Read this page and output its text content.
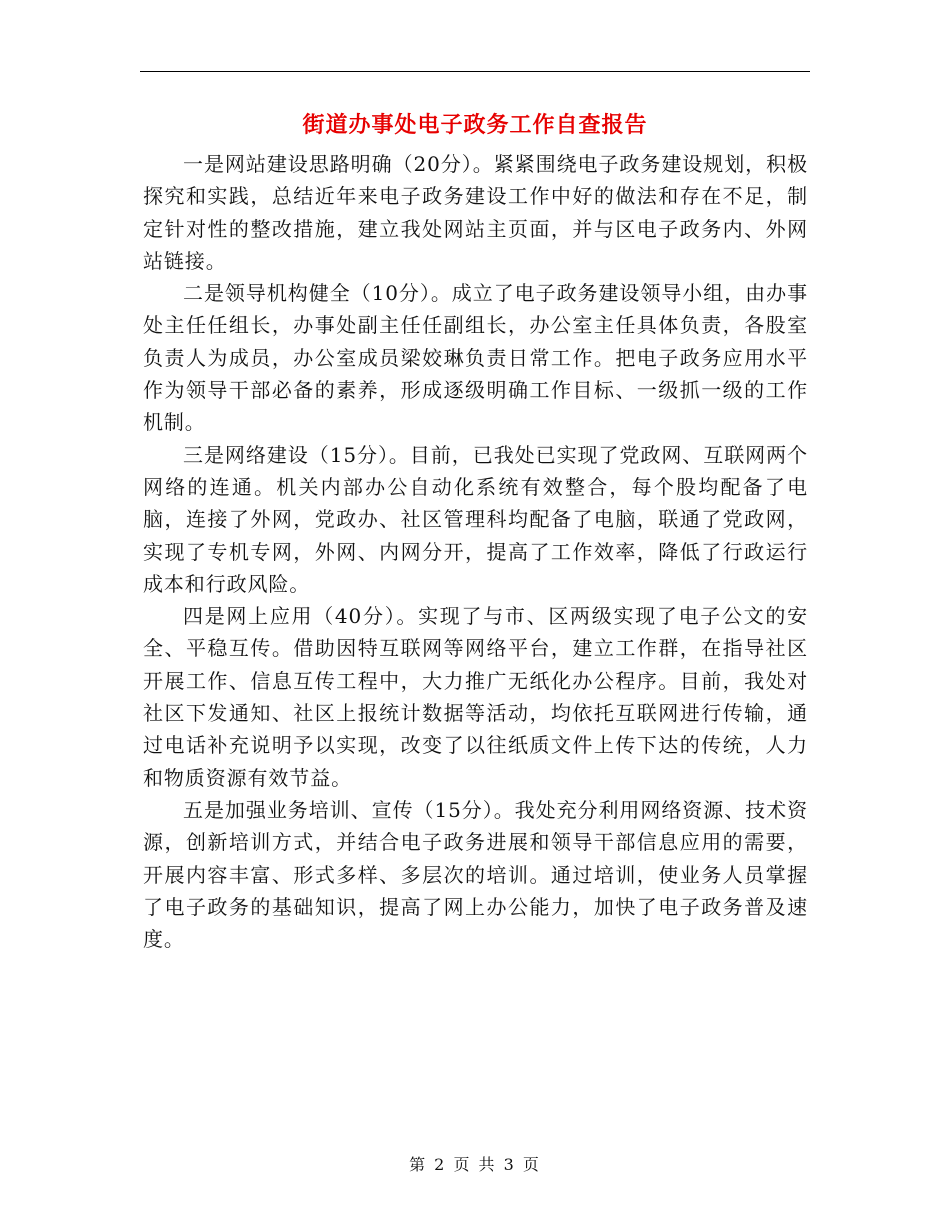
街道办事处电子政务工作自查报告

一是网站建设思路明确（20分）。紧紧围绕电子政务建设规划，积极探究和实践，总结近年来电子政务建设工作中好的做法和存在不足，制定针对性的整改措施，建立我处网站主页面，并与区电子政务内、外网站链接。

二是领导机构健全（10分）。成立了电子政务建设领导小组，由办事处主任任组长，办事处副主任任副组长，办公室主任具体负责，各股室负责人为成员，办公室成员梁姣琳负责日常工作。把电子政务应用水平作为领导干部必备的素养，形成逐级明确工作目标、一级抓一级的工作机制。

三是网络建设（15分）。目前，已我处已实现了党政网、互联网两个网络的连通。机关内部办公自动化系统有效整合，每个股均配备了电脑，连接了外网，党政办、社区管理科均配备了电脑，联通了党政网，实现了专机专网，外网、内网分开，提高了工作效率，降低了行政运行成本和行政风险。

四是网上应用（40分）。实现了与市、区两级实现了电子公文的安全、平稳互传。借助因特互联网等网络平台，建立工作群，在指导社区开展工作、信息互传工程中，大力推广无纸化办公程序。目前，我处对社区下发通知、社区上报统计数据等活动，均依托互联网进行传输，通过电话补充说明予以实现，改变了以往纸质文件上传下达的传统，人力和物质资源有效节益。

五是加强业务培训、宣传（15分）。我处充分利用网络资源、技术资源，创新培训方式，并结合电子政务进展和领导干部信息应用的需要，开展内容丰富、形式多样、多层次的培训。通过培训，使业务人员掌握了电子政务的基础知识，提高了网上办公能力，加快了电子政务普及速度。

第 2 页 共 3 页
